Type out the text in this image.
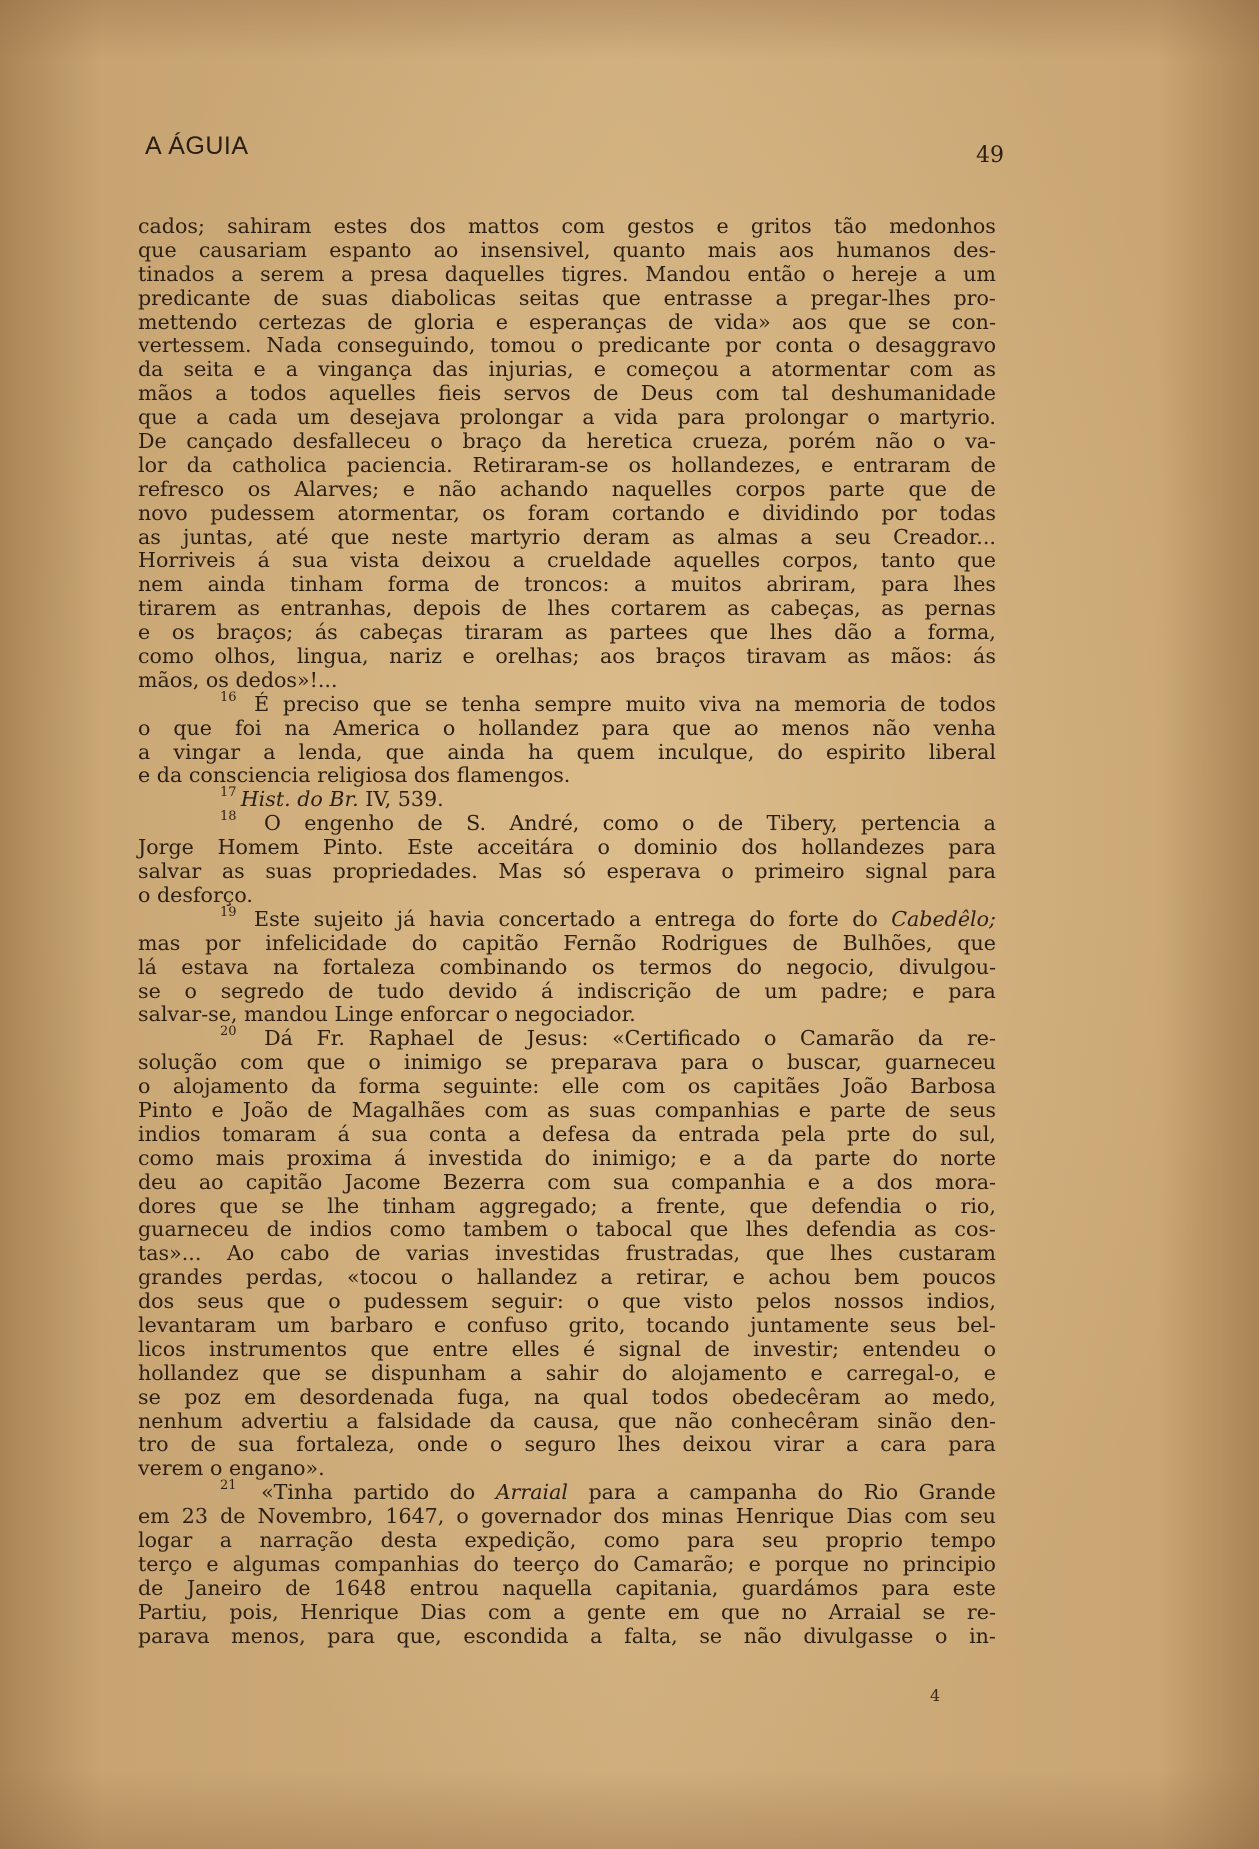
A ÁGUIA	49
cados; sahiram estes dos mattos com gestos e gritos tão medonhos
que causariam espanto ao insensivel, quanto mais aos humanos des-
tinados a serem a presa daquelles tigres. Mandou então o hereje a um
predicante de suas diabolicas seitas que entrasse a pregar-lhes pro-
mettendo certezas de gloria e esperanças de vida» aos que se con-
vertessem. Nada conseguindo, tomou o predicante por conta o desaggravo
da seita e a vingança das injurias, e começou a atormentar com as
mãos a todos aquelles fieis servos de Deus com tal deshumanidade
que a cada um desejava prolongar a vida para prolongar o martyrio.
De cançado desfalleceu o braço da heretica crueza, porém não o va-
lor da catholica paciencia. Retiraram-se os hollandezes, e entraram de
refresco os Alarves; e não achando naquelles corpos parte que de
novo pudessem atormentar, os foram cortando e dividindo por todas
as juntas, até que neste martyrio deram as almas a seu Creador...
Horriveis á sua vista deixou a crueldade aquelles corpos, tanto que
nem ainda tinham forma de troncos: a muitos abriram, para lhes
tirarem as entranhas, depois de lhes cortarem as cabeças, as pernas
e os braços; ás cabeças tiraram as partees que lhes dão a forma,
como olhos, lingua, nariz e orelhas; aos braços tiravam as mãos: ás
mãos, os dedos»!...
16 É preciso que se tenha sempre muito viva na memoria de todos
o que foi na America o hollandez para que ao menos não venha
a vingar a lenda, que ainda ha quem inculque, do espirito liberal
e da consciencia religiosa dos flamengos.
17 Hist. do Br. IV, 539.
18 O engenho de S. André, como o de Tibery, pertencia a
Jorge Homem Pinto. Este acceitára o dominio dos hollandezes para
salvar as suas propriedades. Mas só esperava o primeiro signal para
o desforço.
19 Este sujeito já havia concertado a entrega do forte do Cabedêlo;
mas por infelicidade do capitão Fernão Rodrigues de Bulhões, que
lá estava na fortaleza combinando os termos do negocio, divulgou-
se o segredo de tudo devido á indiscrição de um padre; e para
salvar-se, mandou Linge enforcar o negociador.
20 Dá Fr. Raphael de Jesus: «Certificado o Camarão da re-
solução com que o inimigo se preparava para o buscar, guarneceu
o alojamento da forma seguinte: elle com os capitães João Barbosa
Pinto e João de Magalhães com as suas companhias e parte de seus
indios tomaram á sua conta a defesa da entrada pela prte do sul,
como mais proxima á investida do inimigo; e a da parte do norte
deu ao capitão Jacome Bezerra com sua companhia e a dos mora-
dores que se lhe tinham aggregado; a frente, que defendia o rio,
guarneceu de indios como tambem o tabocal que lhes defendia as cos-
tas»... Ao cabo de varias investidas frustradas, que lhes custaram
grandes perdas, «tocou o hallandez a retirar, e achou bem poucos
dos seus que o pudessem seguir: o que visto pelos nossos indios,
levantaram um barbaro e confuso grito, tocando juntamente seus bel-
licos instrumentos que entre elles é signal de investir; entendeu o
hollandez que se dispunham a sahir do alojamento e carregal-o, e
se poz em desordenada fuga, na qual todos obedecêram ao medo,
nenhum advertiu a falsidade da causa, que não conhecêram sinão den-
tro de sua fortaleza, onde o seguro lhes deixou virar a cara para
verem o engano».
21 «Tinha partido do Arraial para a campanha do Rio Grande
em 23 de Novembro, 1647, o governador dos minas Henrique Dias com seu
logar a narração desta expedição, como para seu proprio tempo
terço e algumas companhias do teerço do Camarão; e porque no principio
de Janeiro de 1648 entrou naquella capitania, guardámos para este
Partiu, pois, Henrique Dias com a gente em que no Arraial se re-
parava menos, para que, escondida a falta, se não divulgasse o in-
4
